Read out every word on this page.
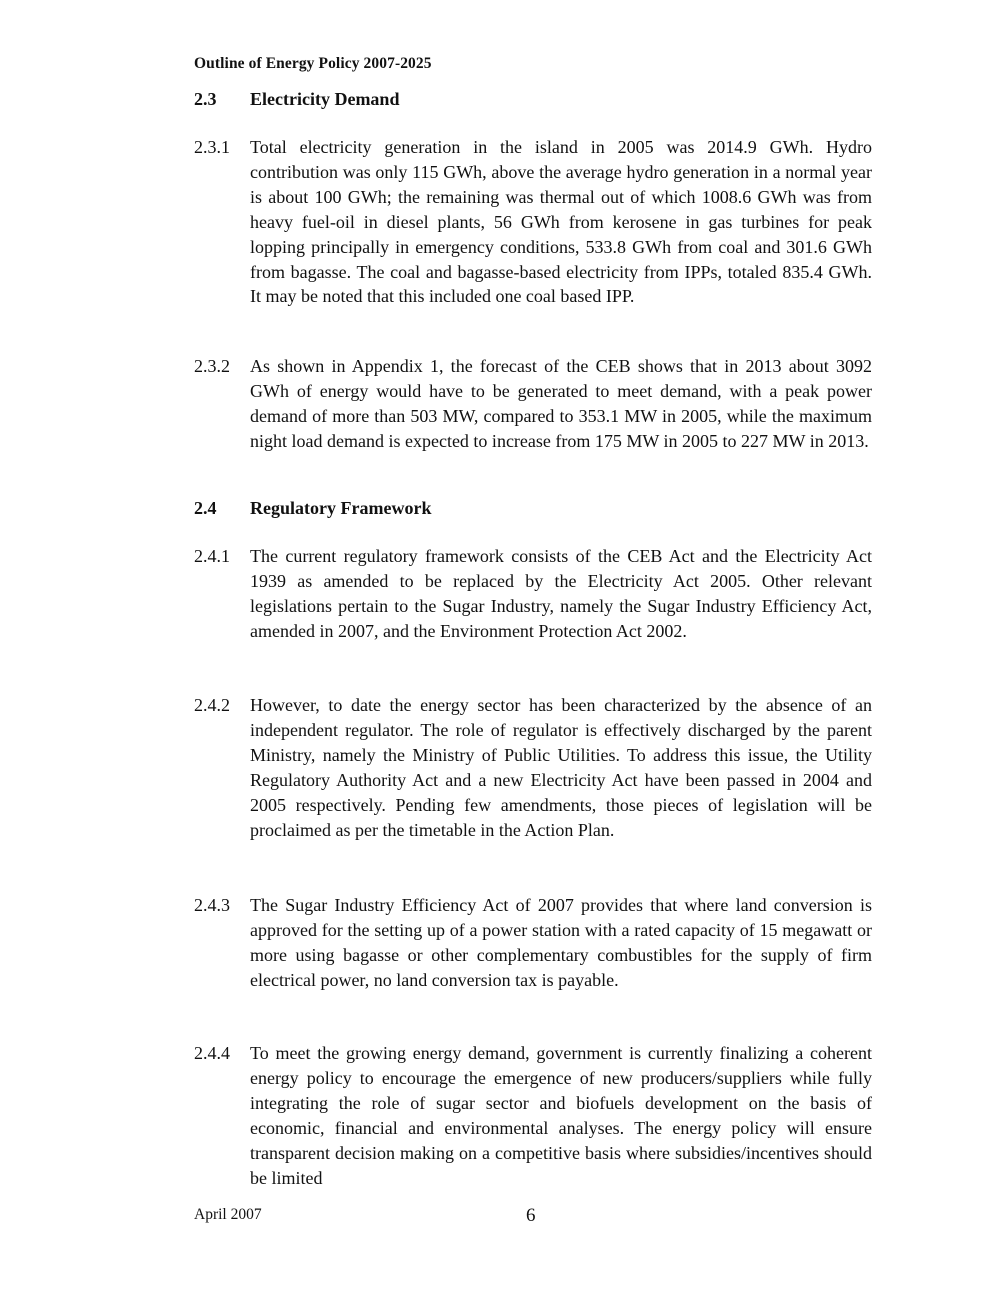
Outline of Energy Policy 2007-2025
2.3 Electricity Demand
2.3.1 Total electricity generation in the island in 2005 was 2014.9 GWh. Hydro contribution was only 115 GWh, above the average hydro generation in a normal year is about 100 GWh; the remaining was thermal out of which 1008.6 GWh was from heavy fuel-oil in diesel plants, 56 GWh from kerosene in gas turbines for peak lopping principally in emergency conditions, 533.8 GWh from coal and 301.6 GWh from bagasse. The coal and bagasse-based electricity from IPPs, totaled 835.4 GWh. It may be noted that this included one coal based IPP.
2.3.2 As shown in Appendix 1, the forecast of the CEB shows that in 2013 about 3092 GWh of energy would have to be generated to meet demand, with a peak power demand of more than 503 MW, compared to 353.1 MW in 2005, while the maximum night load demand is expected to increase from 175 MW in 2005 to 227 MW in 2013.
2.4 Regulatory Framework
2.4.1 The current regulatory framework consists of the CEB Act and the Electricity Act 1939 as amended to be replaced by the Electricity Act 2005. Other relevant legislations pertain to the Sugar Industry, namely the Sugar Industry Efficiency Act, amended in 2007, and the Environment Protection Act 2002.
2.4.2 However, to date the energy sector has been characterized by the absence of an independent regulator. The role of regulator is effectively discharged by the parent Ministry, namely the Ministry of Public Utilities. To address this issue, the Utility Regulatory Authority Act and a new Electricity Act have been passed in 2004 and 2005 respectively. Pending few amendments, those pieces of legislation will be proclaimed as per the timetable in the Action Plan.
2.4.3 The Sugar Industry Efficiency Act of 2007 provides that where land conversion is approved for the setting up of a power station with a rated capacity of 15 megawatt or more using bagasse or other complementary combustibles for the supply of firm electrical power, no land conversion tax is payable.
2.4.4 To meet the growing energy demand, government is currently finalizing a coherent energy policy to encourage the emergence of new producers/suppliers while fully integrating the role of sugar sector and biofuels development on the basis of economic, financial and environmental analyses. The energy policy will ensure transparent decision making on a competitive basis where subsidies/incentives should be limited
April 2007	6
